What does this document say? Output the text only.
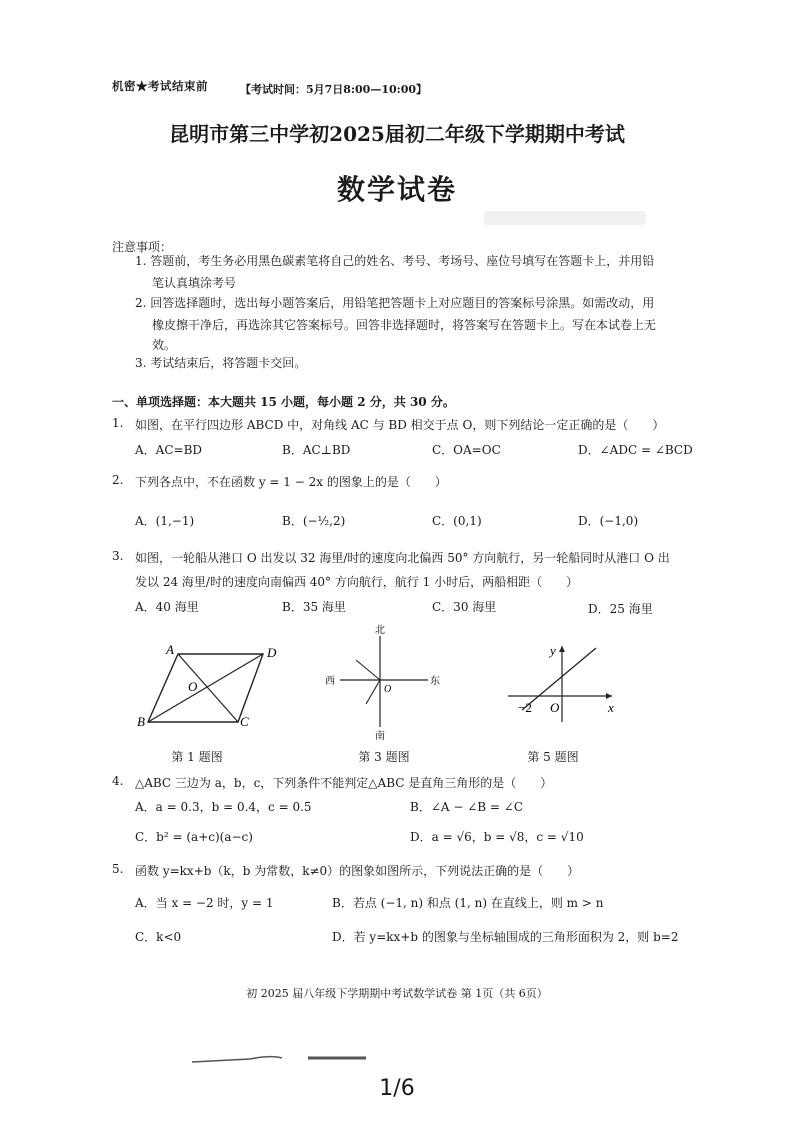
机密★考试结束前	【考试时间：5月7日8:00—10:00】
昆明市第三中学初2025届初二年级下学期期中考试
数学试卷
注意事项：
1. 答题前，考生务必用黑色碳素笔将自己的姓名、考号、考场号、座位号填写在答题卡上，并用铅
笔认真填涂考号
2. 回答选择题时，选出每小题答案后，用铅笔把答题卡上对应题目的答案标号涂黑。如需改动，用
橡皮擦干净后，再选涂其它答案标号。回答非选择题时，将答案写在答题卡上。写在本试卷上无
效。
3. 考试结束后，将答题卡交回。
一、单项选择题：本大题共 15 小题，每小题 2 分，共 30 分。
1. 如图，在平行四边形 ABCD 中，对角线 AC 与 BD 相交于点 O，则下列结论一定正确的是（　　）
A．AC=BD	B．AC⊥BD	C．OA=OC	D．∠ADC = ∠BCD
2. 下列各点中，不在函数 y = 1 − 2x 的图象上的是（　　）
A．(1,−1)	B．(−½,2)	C．(0,1)	D．(−1,0)
3. 如图，一轮船从港口 O 出发以 32 海里/时的速度向北偏西 50° 方向航行，另一轮船同时从港口 O 出
发以 24 海里/时的速度向南偏西 40° 方向航行，航行 1 小时后，两船相距（　　）
A．40 海里	B．35 海里	C．30 海里	D．25 海里
A	D
B	C
O
第 1 题图
北
南
西	东
O
第 3 题图
y
x
O
−2
第 5 题图
4. △ABC 三边为 a，b，c，下列条件不能判定△ABC 是直角三角形的是（　　）
A．a = 0.3，b = 0.4，c = 0.5	B．∠A − ∠B = ∠C
C．b² = (a+c)(a−c)	D．a = √6，b = √8，c = √10
5. 函数 y=kx+b（k，b 为常数，k≠0）的图象如图所示，下列说法正确的是（　　）
A．当 x = −2 时，y = 1	B．若点 (−1, n) 和点 (1, n) 在直线上，则 m > n
C．k<0	D．若 y=kx+b 的图象与坐标轴围成的三角形面积为 2，则 b=2
初 2025 届八年级下学期期中考试数学试卷 第 1页（共 6页）
1/6
